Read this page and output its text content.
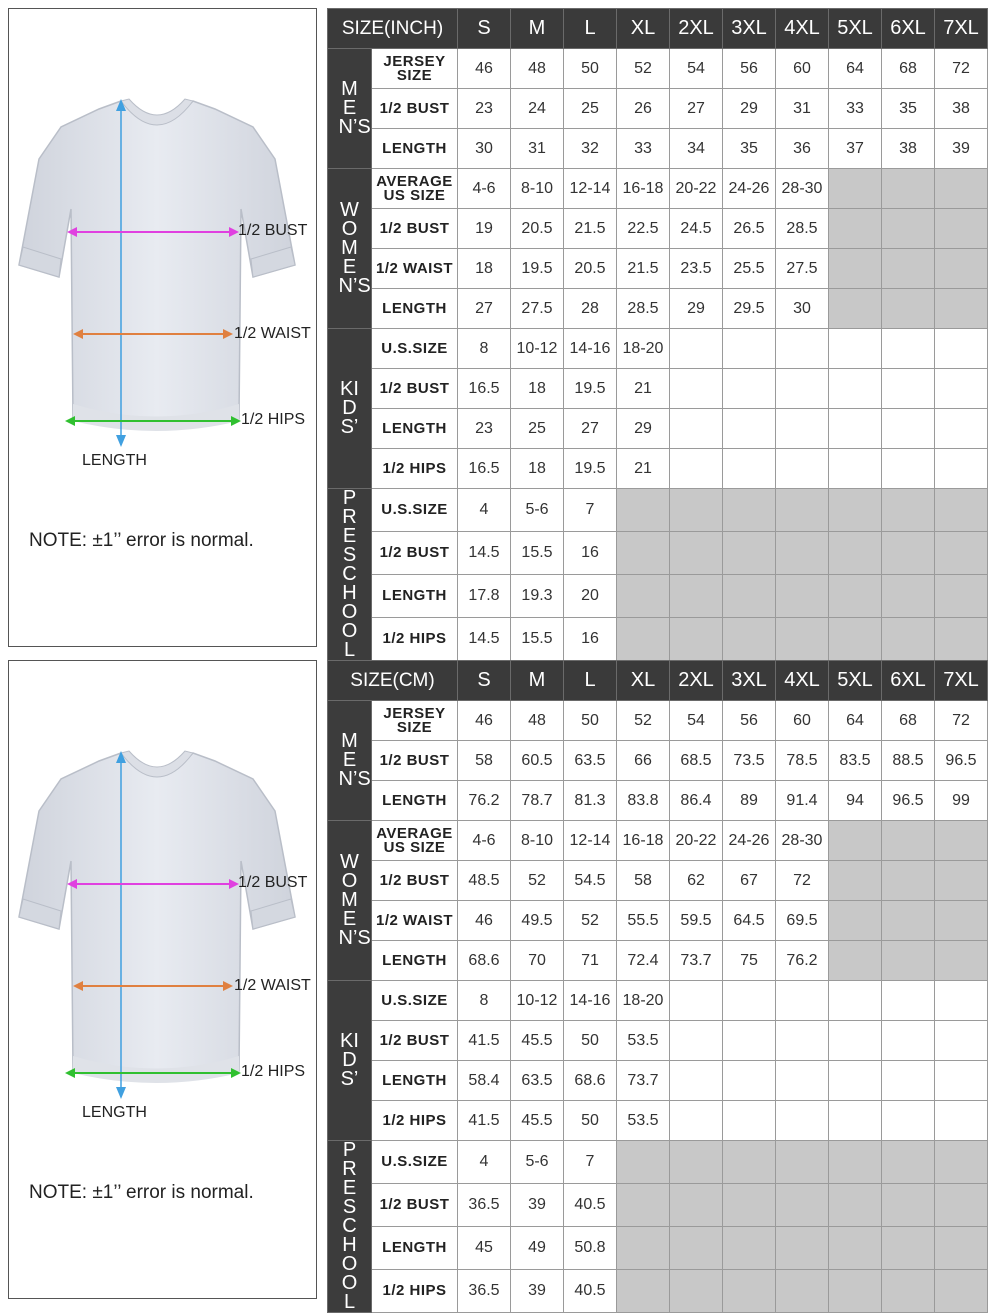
1/2 BUST
1/2 WAIST
1/2 HIPS
LENGTH
NOTE: ±1’’ error is normal.
SIZE(INCH)		S	M	L	XL	2XL	3XL	4XL	5XL	6XL	7XL
MEN’S	JERSEY SIZE	46	48	50	52	54	56	60	64	68	72
	1/2 BUST	23	24	25	26	27	29	31	33	35	38
	LENGTH	30	31	32	33	34	35	36	37	38	39
WOMEN’S	AVERAGE US SIZE	4-6	8-10	12-14	16-18	20-22	24-26	28-30			
	1/2 BUST	19	20.5	21.5	22.5	24.5	26.5	28.5			
	1/2 WAIST	18	19.5	20.5	21.5	23.5	25.5	27.5			
	LENGTH	27	27.5	28	28.5	29	29.5	30			
KIDS’	U.S.SIZE	8	10-12	14-16	18-20						
	1/2 BUST	16.5	18	19.5	21						
	LENGTH	23	25	27	29						
	1/2 HIPS	16.5	18	19.5	21						
PRESCHOOL	U.S.SIZE	4	5-6	7							
	1/2 BUST	14.5	15.5	16							
	LENGTH	17.8	19.3	20							
	1/2 HIPS	14.5	15.5	16							
1/2 BUST
1/2 WAIST
1/2 HIPS
LENGTH
NOTE: ±1’’ error is normal.
SIZE(CM)		S	M	L	XL	2XL	3XL	4XL	5XL	6XL	7XL
MEN’S	JERSEY SIZE	46	48	50	52	54	56	60	64	68	72
	1/2 BUST	58	60.5	63.5	66	68.5	73.5	78.5	83.5	88.5	96.5
	LENGTH	76.2	78.7	81.3	83.8	86.4	89	91.4	94	96.5	99
WOMEN’S	AVERAGE US SIZE	4-6	8-10	12-14	16-18	20-22	24-26	28-30			
	1/2 BUST	48.5	52	54.5	58	62	67	72			
	1/2 WAIST	46	49.5	52	55.5	59.5	64.5	69.5			
	LENGTH	68.6	70	71	72.4	73.7	75	76.2			
KIDS’	U.S.SIZE	8	10-12	14-16	18-20						
	1/2 BUST	41.5	45.5	50	53.5						
	LENGTH	58.4	63.5	68.6	73.7						
	1/2 HIPS	41.5	45.5	50	53.5						
PRESCHOOL	U.S.SIZE	4	5-6	7							
	1/2 BUST	36.5	39	40.5							
	LENGTH	45	49	50.8							
	1/2 HIPS	36.5	39	40.5							
